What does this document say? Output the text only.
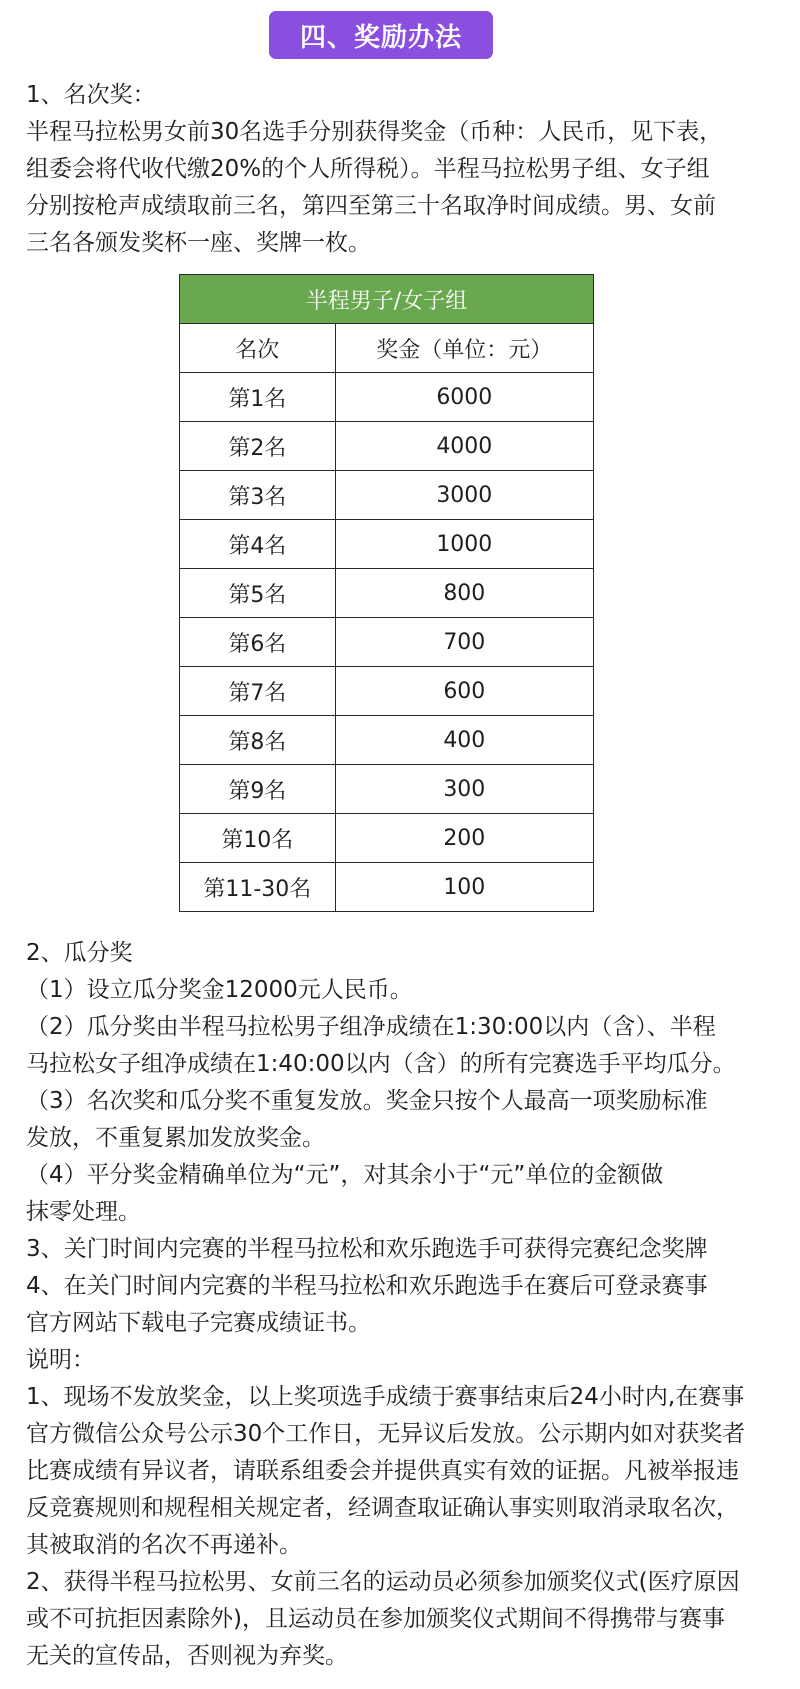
四、奖励办法
1、名次奖：
半程马拉松男女前30名选手分别获得奖金（币种：人民币，见下表，
组委会将代收代缴20%的个人所得税）。半程马拉松男子组、女子组
分别按枪声成绩取前三名，第四至第三十名取净时间成绩。男、女前
三名各颁发奖杯一座、奖牌一枚。
半程男子/女子组	
名次	奖金（单位：元）
第1名	6000
第2名	4000
第3名	3000
第4名	1000
第5名	800
第6名	700
第7名	600
第8名	400
第9名	300
第10名	200
第11-30名	100
2、瓜分奖
（1）设立瓜分奖金12000元人民币。
（2）瓜分奖由半程马拉松男子组净成绩在1:30:00以内（含）、半程
马拉松女子组净成绩在1:40:00以内（含）的所有完赛选手平均瓜分。
（3）名次奖和瓜分奖不重复发放。奖金只按个人最高一项奖励标准
发放，不重复累加发放奖金。
（4）平分奖金精确单位为“元”，对其余小于“元”单位的金额做
抹零处理。
3、关门时间内完赛的半程马拉松和欢乐跑选手可获得完赛纪念奖牌
4、在关门时间内完赛的半程马拉松和欢乐跑选手在赛后可登录赛事
官方网站下载电子完赛成绩证书。
说明：
1、现场不发放奖金，以上奖项选手成绩于赛事结束后24小时内,在赛事
官方微信公众号公示30个工作日，无异议后发放。公示期内如对获奖者
比赛成绩有异议者，请联系组委会并提供真实有效的证据。凡被举报违
反竞赛规则和规程相关规定者，经调查取证确认事实则取消录取名次，
其被取消的名次不再递补。
2、获得半程马拉松男、女前三名的运动员必须参加颁奖仪式(医疗原因
或不可抗拒因素除外)，且运动员在参加颁奖仪式期间不得携带与赛事
无关的宣传品，否则视为弃奖。
